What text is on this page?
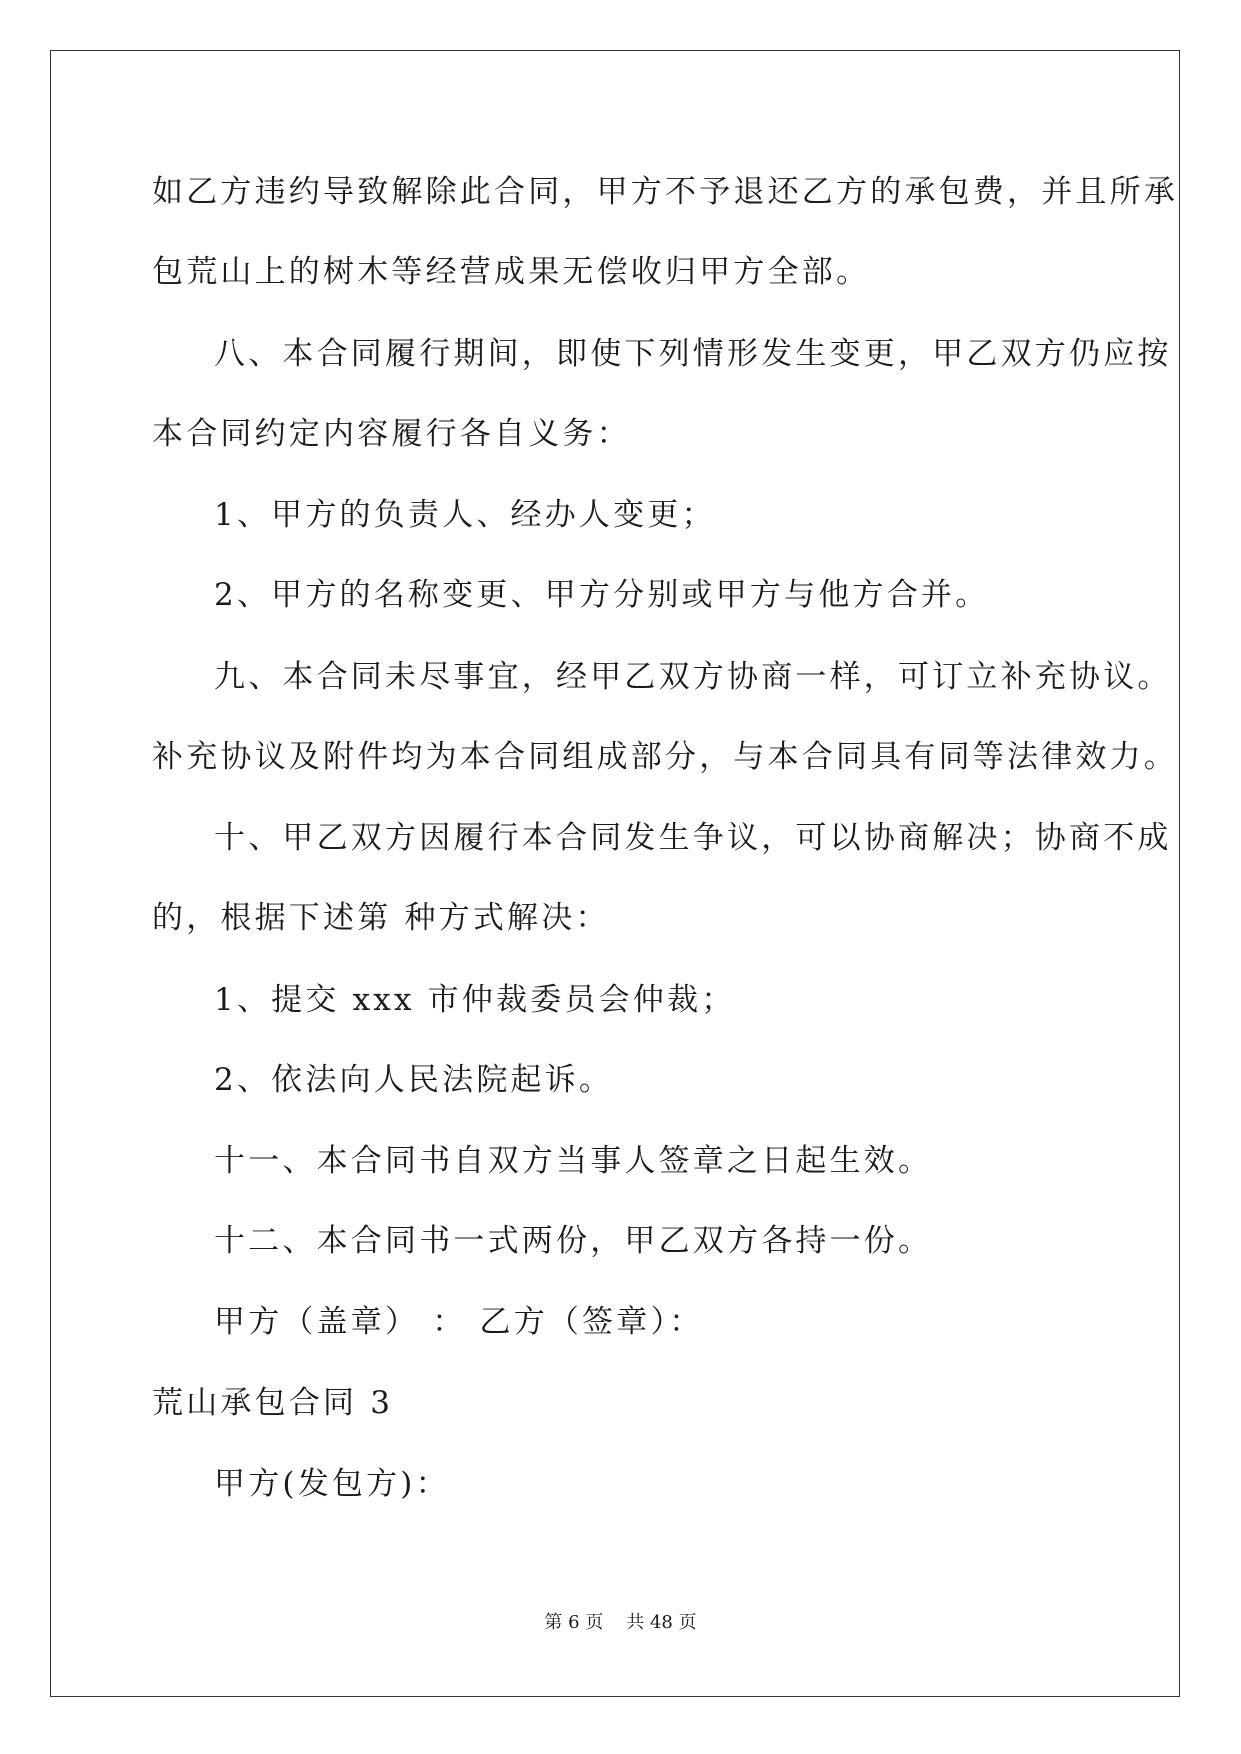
如乙方违约导致解除此合同，甲方不予退还乙方的承包费，并且所承

包荒山上的树木等经营成果无偿收归甲方全部。

八、本合同履行期间，即使下列情形发生变更，甲乙双方仍应按

本合同约定内容履行各自义务：

1、甲方的负责人、经办人变更；

2、甲方的名称变更、甲方分别或甲方与他方合并。

九、本合同未尽事宜，经甲乙双方协商一样，可订立补充协议。

补充协议及附件均为本合同组成部分，与本合同具有同等法律效力。

十、甲乙双方因履行本合同发生争议，可以协商解决；协商不成

的，根据下述第 种方式解决：

1、提交 xxx 市仲裁委员会仲裁；

2、依法向人民法院起诉。

十一、本合同书自双方当事人签章之日起生效。

十二、本合同书一式两份，甲乙双方各持一份。

甲方（盖章） ： 乙方（签章）：

荒山承包合同 3

甲方(发包方)：

第 6 页 共 48 页
